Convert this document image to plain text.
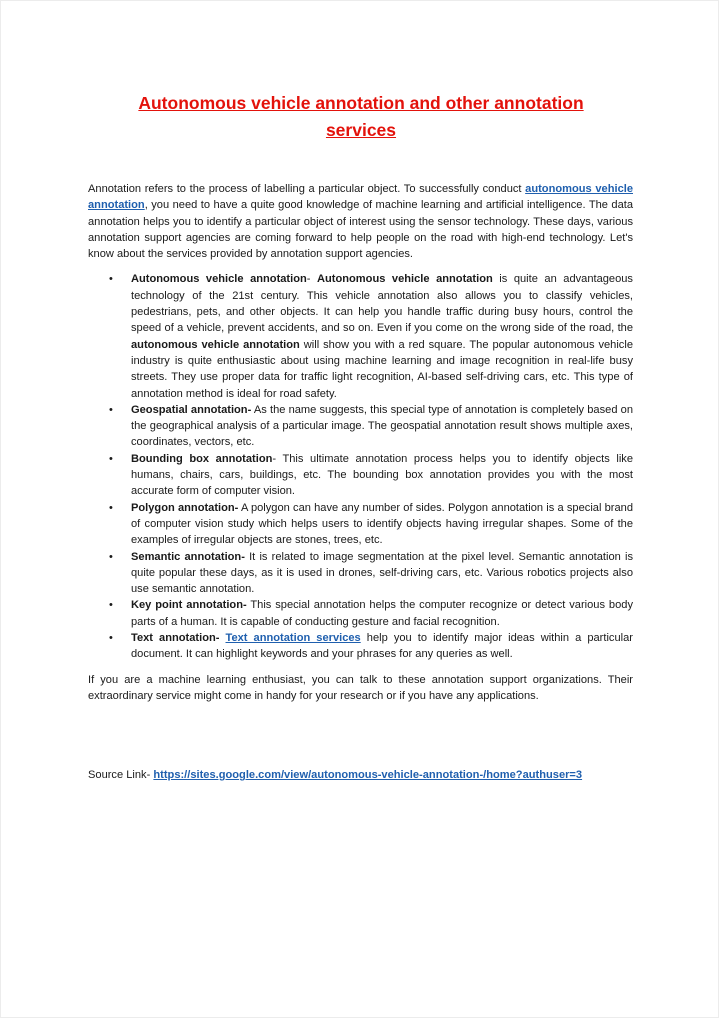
Autonomous vehicle annotation and other annotation services

Annotation refers to the process of labelling a particular object. To successfully conduct autonomous vehicle annotation, you need to have a quite good knowledge of machine learning and artificial intelligence. The data annotation helps you to identify a particular object of interest using the sensor technology. These days, various annotation support agencies are coming forward to help people on the road with high-end technology. Let's know about the services provided by annotation support agencies.

• Autonomous vehicle annotation- Autonomous vehicle annotation is quite an advantageous technology of the 21st century. This vehicle annotation also allows you to classify vehicles, pedestrians, pets, and other objects. It can help you handle traffic during busy hours, control the speed of a vehicle, prevent accidents, and so on. Even if you come on the wrong side of the road, the autonomous vehicle annotation will show you with a red square. The popular autonomous vehicle industry is quite enthusiastic about using machine learning and image recognition in real-life busy streets. They use proper data for traffic light recognition, AI-based self-driving cars, etc. This type of annotation method is ideal for road safety.
• Geospatial annotation- As the name suggests, this special type of annotation is completely based on the geographical analysis of a particular image. The geospatial annotation result shows multiple axes, coordinates, vectors, etc.
• Bounding box annotation- This ultimate annotation process helps you to identify objects like humans, chairs, cars, buildings, etc. The bounding box annotation provides you with the most accurate form of computer vision.
• Polygon annotation- A polygon can have any number of sides. Polygon annotation is a special brand of computer vision study which helps users to identify objects having irregular shapes. Some of the examples of irregular objects are stones, trees, etc.
• Semantic annotation- It is related to image segmentation at the pixel level. Semantic annotation is quite popular these days, as it is used in drones, self-driving cars, etc. Various robotics projects also use semantic annotation.
• Key point annotation- This special annotation helps the computer recognize or detect various body parts of a human. It is capable of conducting gesture and facial recognition.
• Text annotation- Text annotation services help you to identify major ideas within a particular document. It can highlight keywords and your phrases for any queries as well.

If you are a machine learning enthusiast, you can talk to these annotation support organizations. Their extraordinary service might come in handy for your research or if you have any applications.

Source Link- https://sites.google.com/view/autonomous-vehicle-annotation-/home?authuser=3
